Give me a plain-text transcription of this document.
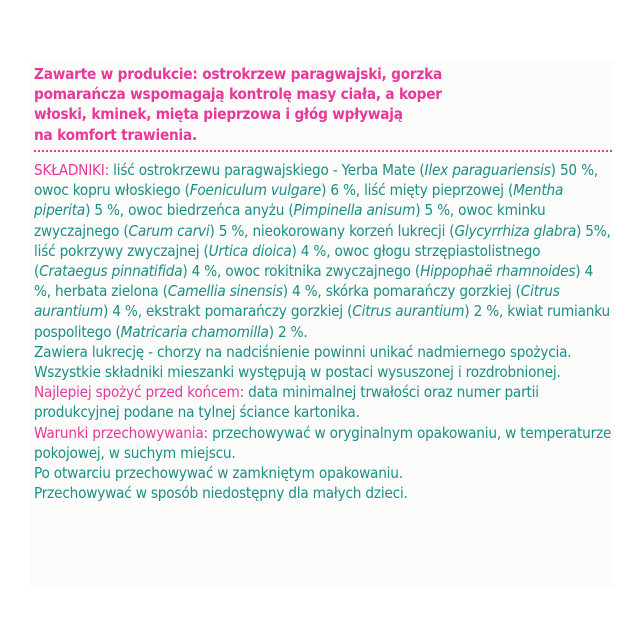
Zawarte w produkcie: ostrokrzew paragwajski, gorzka
pomarańcza wspomagają kontrolę masy ciała, a koper
włoski, kminek, mięta pieprzowa i głóg wpływają
na komfort trawienia.

SKŁADNIKI: liść ostrokrzewu paragwajskiego - Yerba Mate (Ilex paraguariensis) 50 %, owoc kopru włoskiego (Foeniculum vulgare) 6 %, liść mięty pieprzowej (Mentha piperita) 5 %, owoc biedrzeńca anyżu (Pimpinella anisum) 5 %, owoc kminku zwyczajnego (Carum carvi) 5 %, nieokorowany korzeń lukrecji (Glycyrrhiza glabra) 5%, liść pokrzywy zwyczajnej (Urtica dioica) 4 %, owoc głogu strzępiastolistnego (Crataegus pinnatifida) 4 %, owoc rokitnika zwyczajnego (Hippophaë rhamnoides) 4 %, herbata zielona (Camellia sinensis) 4 %, skórka pomarańczy gorzkiej (Citrus aurantium) 4 %, ekstrakt pomarańczy gorzkiej (Citrus aurantium) 2 %, kwiat rumianku pospolitego (Matricaria chamomilla) 2 %.
Zawiera lukrecję - chorzy na nadciśnienie powinni unikać nadmiernego spożycia. Wszystkie składniki mieszanki występują w postaci wysuszonej i rozdrobnionej.
Najlepiej spożyć przed końcem: data minimalnej trwałości oraz numer partii produkcyjnej podane na tylnej ściance kartonika.
Warunki przechowywania: przechowywać w oryginalnym opakowaniu, w temperaturze pokojowej, w suchym miejscu.
Po otwarciu przechowywać w zamkniętym opakowaniu.
Przechowywać w sposób niedostępny dla małych dzieci.
